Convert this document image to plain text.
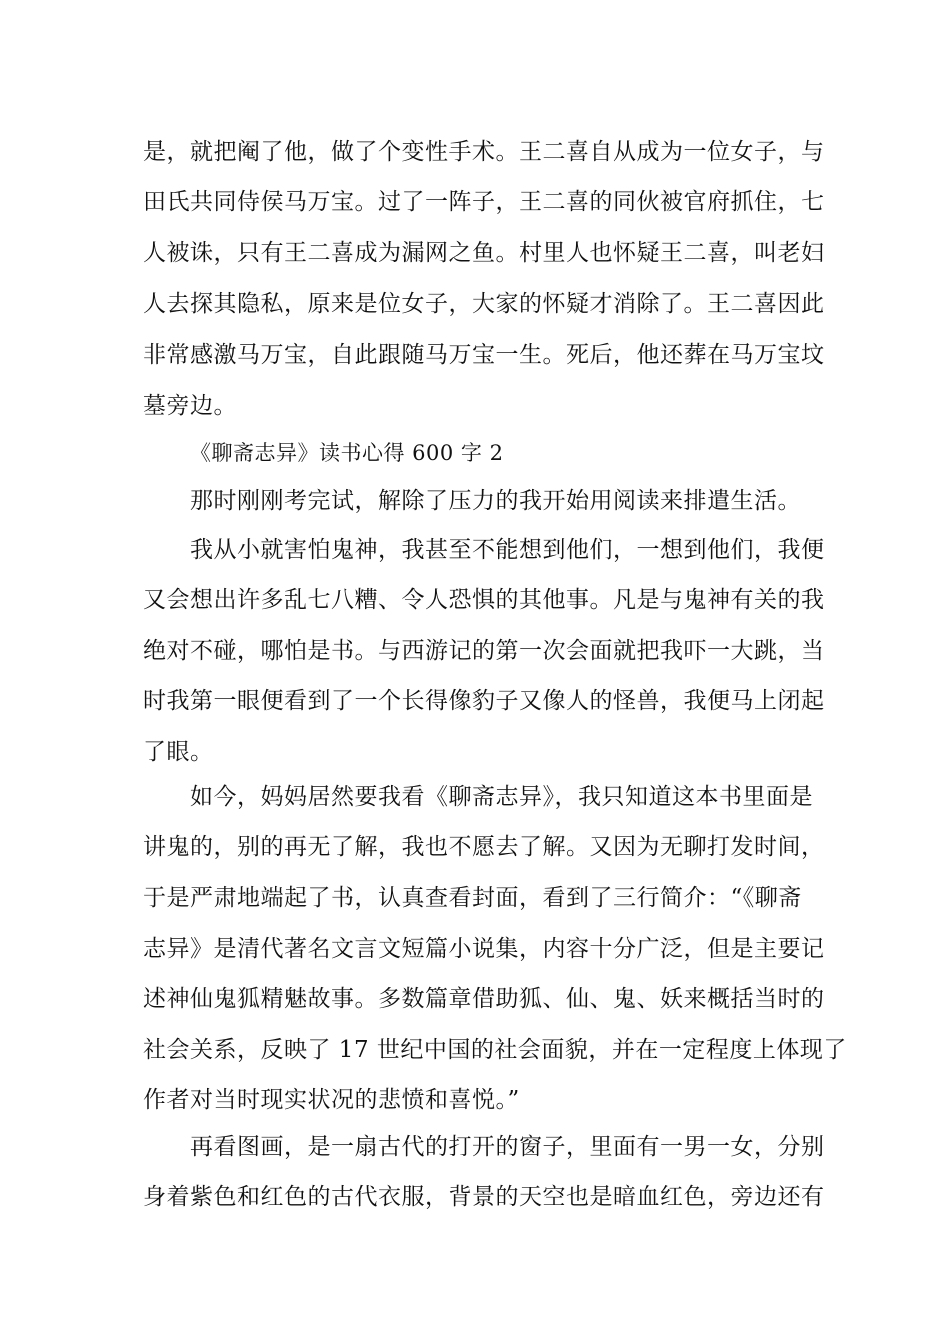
是，就把阉了他，做了个变性手术。王二喜自从成为一位女子，与
田氏共同侍侯马万宝。过了一阵子，王二喜的同伙被官府抓住，七
人被诛，只有王二喜成为漏网之鱼。村里人也怀疑王二喜，叫老妇
人去探其隐私，原来是位女子，大家的怀疑才消除了。王二喜因此
非常感激马万宝，自此跟随马万宝一生。死后，他还葬在马万宝坟
墓旁边。
《聊斋志异》读书心得 600 字 2
那时刚刚考完试，解除了压力的我开始用阅读来排遣生活。
我从小就害怕鬼神，我甚至不能想到他们，一想到他们，我便
又会想出许多乱七八糟、令人恐惧的其他事。凡是与鬼神有关的我
绝对不碰，哪怕是书。与西游记的第一次会面就把我吓一大跳，当
时我第一眼便看到了一个长得像豹子又像人的怪兽，我便马上闭起
了眼。
如今，妈妈居然要我看《聊斋志异》，我只知道这本书里面是
讲鬼的，别的再无了解，我也不愿去了解。又因为无聊打发时间，
于是严肃地端起了书，认真查看封面，看到了三行简介：“《聊斋
志异》是清代著名文言文短篇小说集，内容十分广泛，但是主要记
述神仙鬼狐精魅故事。多数篇章借助狐、仙、鬼、妖来概括当时的
社会关系，反映了 17 世纪中国的社会面貌，并在一定程度上体现了
作者对当时现实状况的悲愤和喜悦。”
再看图画，是一扇古代的打开的窗子，里面有一男一女，分别
身着紫色和红色的古代衣服，背景的天空也是暗血红色，旁边还有
